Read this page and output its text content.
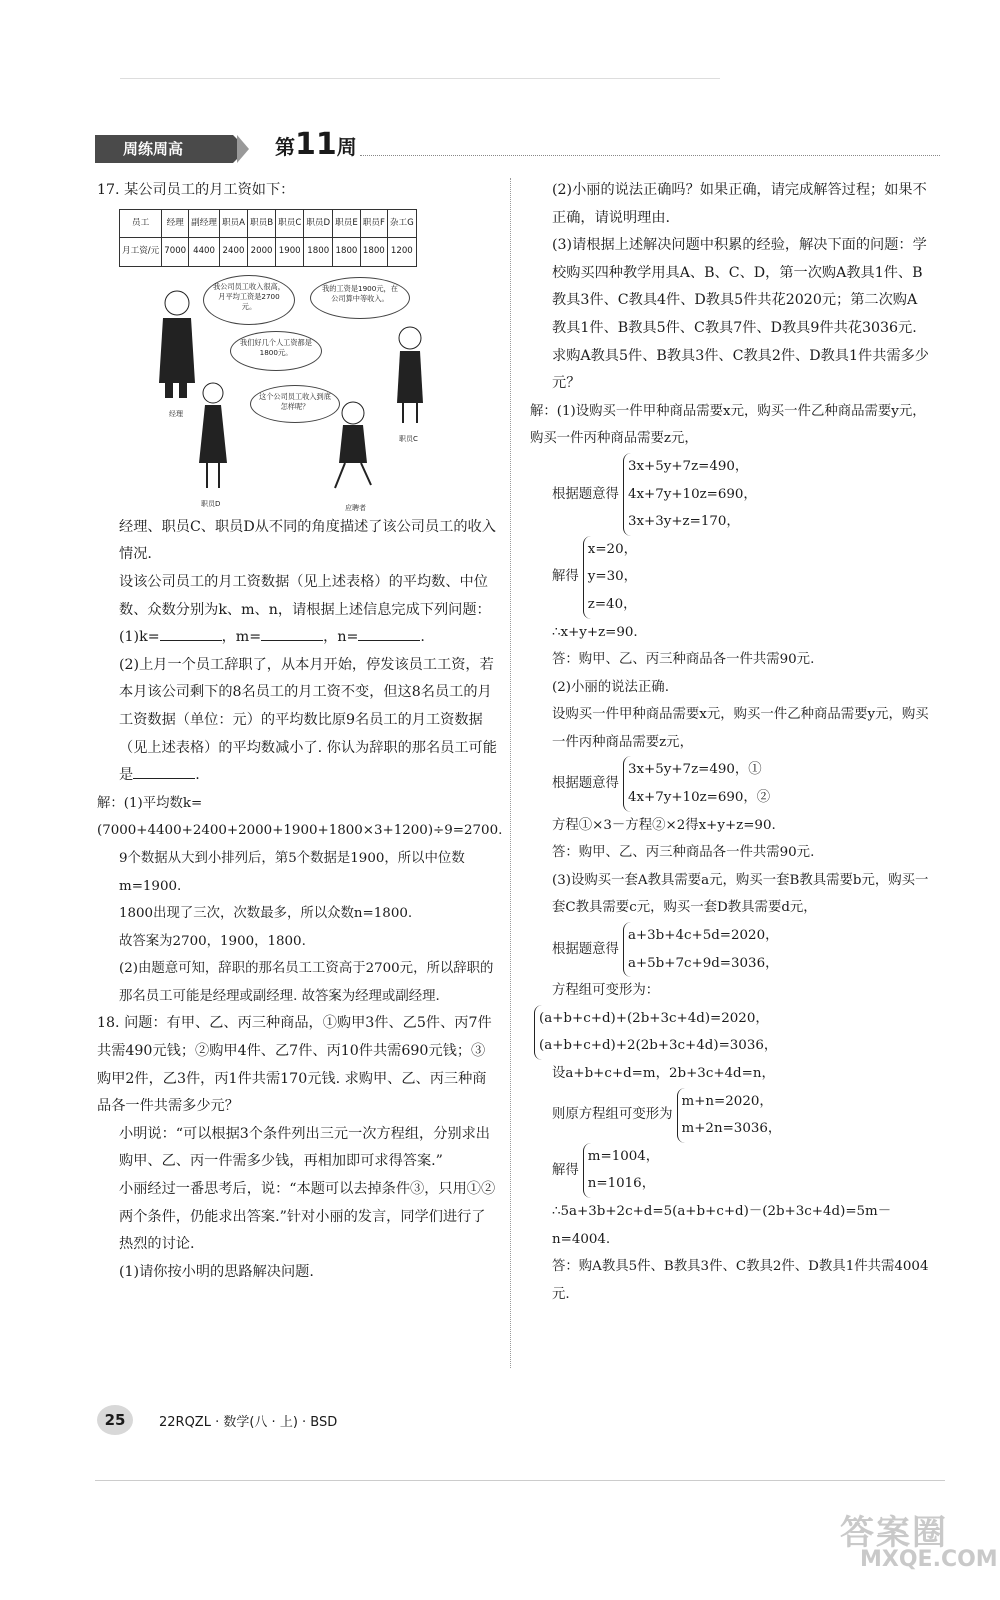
周练周高	第11周

17. 某公司员工的月工资如下：

员工	经理	副经理	职员A	职员B	职员C	职员D	职员E	职员F	杂工G
月工资/元	7000	4400	2400	2000	1900	1800	1800	1800	1200
我公司员工收入很高，月平均工资是2700元。
我的工资是1900元，在公司算中等收入。
我们好几个人工资都是1800元。
这个公司员工收入到底怎样呢？
经理
职员C
职员D	应聘者

经理、职员C、职员D从不同的角度描述了该公司员工的收入情况.

设该公司员工的月工资数据（见上述表格）的平均数、中位数、众数分别为k、m、n，请根据上述信息完成下列问题：

(1)k=	，m=	，n=	.

(2)上月一个员工辞职了，从本月开始，停发该员工工资，若本月该公司剩下的8名员工的月工资不变，但这8名员工的月工资数据（单位：元）的平均数比原9名员工的月工资数据（见上述表格）的平均数减小了. 你认为辞职的那名员工可能是	.

解：(1)平均数k=(7000+4400+2400+2000+1900+1800×3+1200)÷9=2700.

9个数据从大到小排列后，第5个数据是1900，所以中位数m=1900.

1800出现了三次，次数最多，所以众数n=1800.

故答案为2700，1900，1800.

(2)由题意可知，辞职的那名员工工资高于2700元，所以辞职的那名员工可能是经理或副经理. 故答案为经理或副经理.

18. 问题：有甲、乙、丙三种商品，①购甲3件、乙5件、丙7件共需490元钱；②购甲4件、乙7件、丙10件共需690元钱；③购甲2件，乙3件，丙1件共需170元钱. 求购甲、乙、丙三种商品各一件共需多少元？

小明说：“可以根据3个条件列出三元一次方程组，分别求出购甲、乙、丙一件需多少钱，再相加即可求得答案.”

小丽经过一番思考后，说：“本题可以去掉条件③，只用①②两个条件，仍能求出答案.”针对小丽的发言，同学们进行了热烈的讨论.

(1)请你按小明的思路解决问题.

(2)小丽的说法正确吗？如果正确，请完成解答过程；如果不正确，请说明理由.

(3)请根据上述解决问题中积累的经验，解决下面的问题：学校购买四种教学用具A、B、C、D，第一次购A教具1件、B教具3件、C教具4件、D教具5件共花2020元；第二次购A教具1件、B教具5件、C教具7件、D教具9件共花3036元. 求购A教具5件、B教具3件、C教具2件、D教具1件共需多少元？

解：(1)设购买一件甲种商品需要x元，购买一件乙种商品需要y元，购买一件丙种商品需要z元，

根据题意得
3x+5y+7z=490，
4x+7y+10z=690，
3x+3y+z=170，
解得
x=20，
y=30，
z=40，

∴x+y+z=90.

答：购甲、乙、丙三种商品各一件共需90元.

(2)小丽的说法正确.

设购买一件甲种商品需要x元，购买一件乙种商品需要y元，购买一件丙种商品需要z元，

根据题意得
3x+5y+7z=490，①
4x+7y+10z=690，②

方程①×3－方程②×2得x+y+z=90.

答：购甲、乙、丙三种商品各一件共需90元.

(3)设购买一套A教具需要a元，购买一套B教具需要b元，购买一套C教具需要c元，购买一套D教具需要d元，

根据题意得
a+3b+4c+5d=2020，
a+5b+7c+9d=3036，

方程组可变形为：

(a+b+c+d)+(2b+3c+4d)=2020，
(a+b+c+d)+2(2b+3c+4d)=3036，

设a+b+c+d=m，2b+3c+4d=n，

则原方程组可变形为
m+n=2020，
m+2n=3036，
解得
m=1004，
n=1016，

∴5a+3b+2c+d=5(a+b+c+d)－(2b+3c+4d)=5m－n=4004.

答：购A教具5件、B教具3件、C教具2件、D教具1件共需4004元.

25	22RQZL · 数学(八 · 上) · BSD
答案圈
MXQE.COM
